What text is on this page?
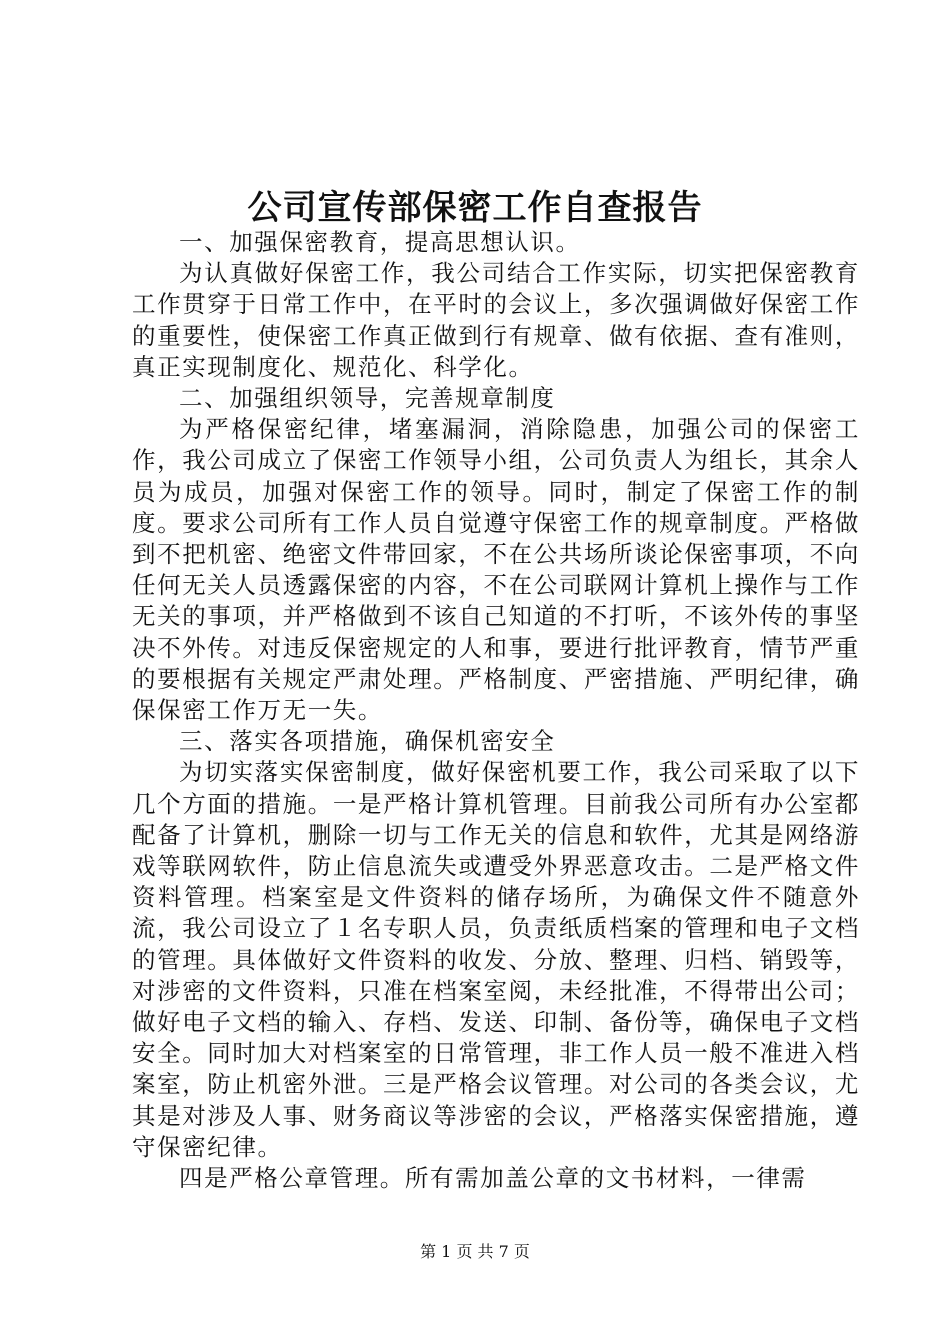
公司宣传部保密工作自查报告

一、加强保密教育，提高思想认识。

为认真做好保密工作，我公司结合工作实际，切实把保密教育工作贯穿于日常工作中，在平时的会议上，多次强调做好保密工作的重要性，使保密工作真正做到行有规章、做有依据、查有准则，真正实现制度化、规范化、科学化。

二、加强组织领导，完善规章制度

为严格保密纪律，堵塞漏洞，消除隐患，加强公司的保密工作，我公司成立了保密工作领导小组，公司负责人为组长，其余人员为成员，加强对保密工作的领导。同时，制定了保密工作的制度。要求公司所有工作人员自觉遵守保密工作的规章制度。严格做到不把机密、绝密文件带回家，不在公共场所谈论保密事项，不向任何无关人员透露保密的内容，不在公司联网计算机上操作与工作无关的事项，并严格做到不该自己知道的不打听，不该外传的事坚决不外传。对违反保密规定的人和事，要进行批评教育，情节严重的要根据有关规定严肃处理。严格制度、严密措施、严明纪律，确保保密工作万无一失。

三、落实各项措施，确保机密安全

为切实落实保密制度，做好保密机要工作，我公司采取了以下几个方面的措施。一是严格计算机管理。目前我公司所有办公室都配备了计算机，删除一切与工作无关的信息和软件，尤其是网络游戏等联网软件，防止信息流失或遭受外界恶意攻击。二是严格文件资料管理。档案室是文件资料的储存场所，为确保文件不随意外流，我公司设立了１名专职人员，负责纸质档案的管理和电子文档的管理。具体做好文件资料的收发、分放、整理、归档、销毁等，对涉密的文件资料，只准在档案室阅，未经批准，不得带出公司；做好电子文档的输入、存档、发送、印制、备份等，确保电子文档安全。同时加大对档案室的日常管理，非工作人员一般不准进入档案室，防止机密外泄。三是严格会议管理。对公司的各类会议，尤其是对涉及人事、财务商议等涉密的会议，严格落实保密措施，遵守保密纪律。

四是严格公章管理。所有需加盖公章的文书材料，一律需

第 1 页 共 7 页
